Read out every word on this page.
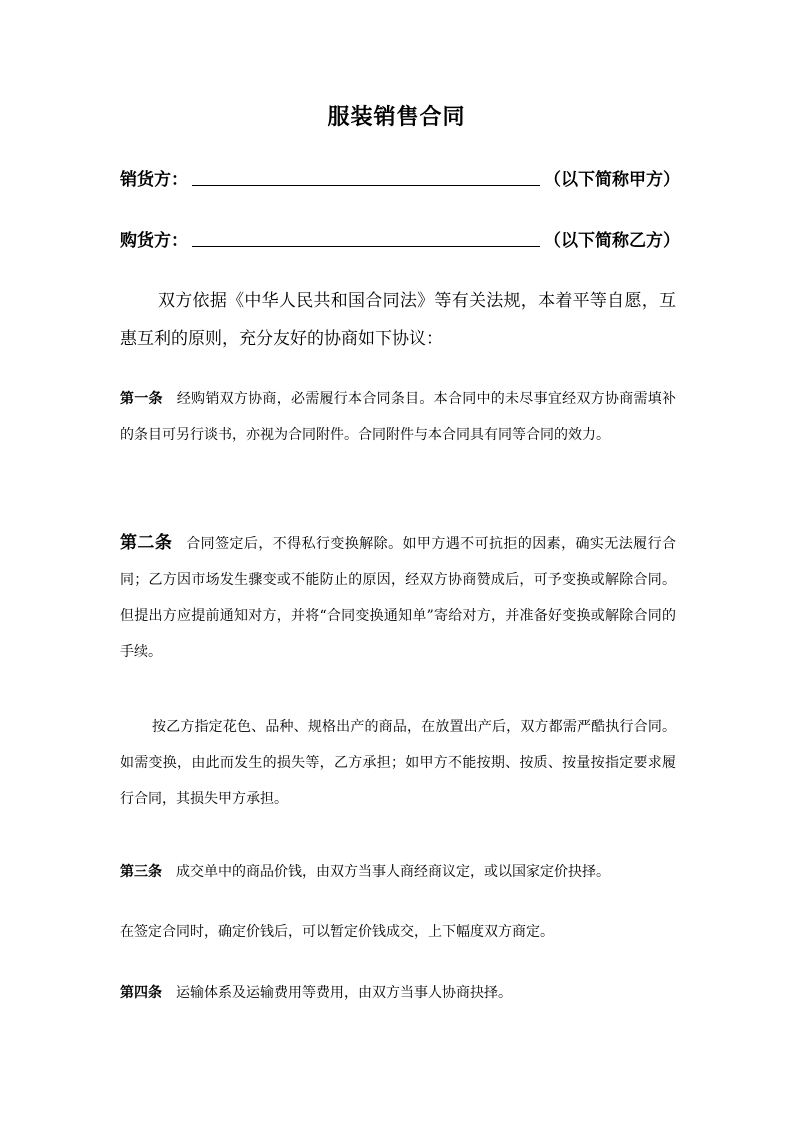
服装销售合同
销货方：	（以下简称甲方）
购货方：	（以下简称乙方）
双方依据《中华人民共和国合同法》等有关法规，本着平等自愿，互惠互利的原则，充分友好的协商如下协议：
第一条 经购销双方协商，必需履行本合同条目。本合同中的未尽事宜经双方协商需填补的条目可另行谈书，亦视为合同附件。合同附件与本合同具有同等合同的效力。
第二条 合同签定后，不得私行变换解除。如甲方遇不可抗拒的因素，确实无法履行合同；乙方因市场发生骤变或不能防止的原因，经双方协商赞成后，可予变换或解除合同。但提出方应提前通知对方，并将“合同变换通知单”寄给对方，并准备好变换或解除合同的手续。
按乙方指定花色、品种、规格出产的商品，在放置出产后，双方都需严酷执行合同。如需变换，由此而发生的损失等，乙方承担；如甲方不能按期、按质、按量按指定要求履行合同，其损失甲方承担。
第三条 成交单中的商品价钱，由双方当事人商经商议定，或以国家定价抉择。
在签定合同时，确定价钱后，可以暂定价钱成交，上下幅度双方商定。
第四条 运输体系及运输费用等费用，由双方当事人协商抉择。
